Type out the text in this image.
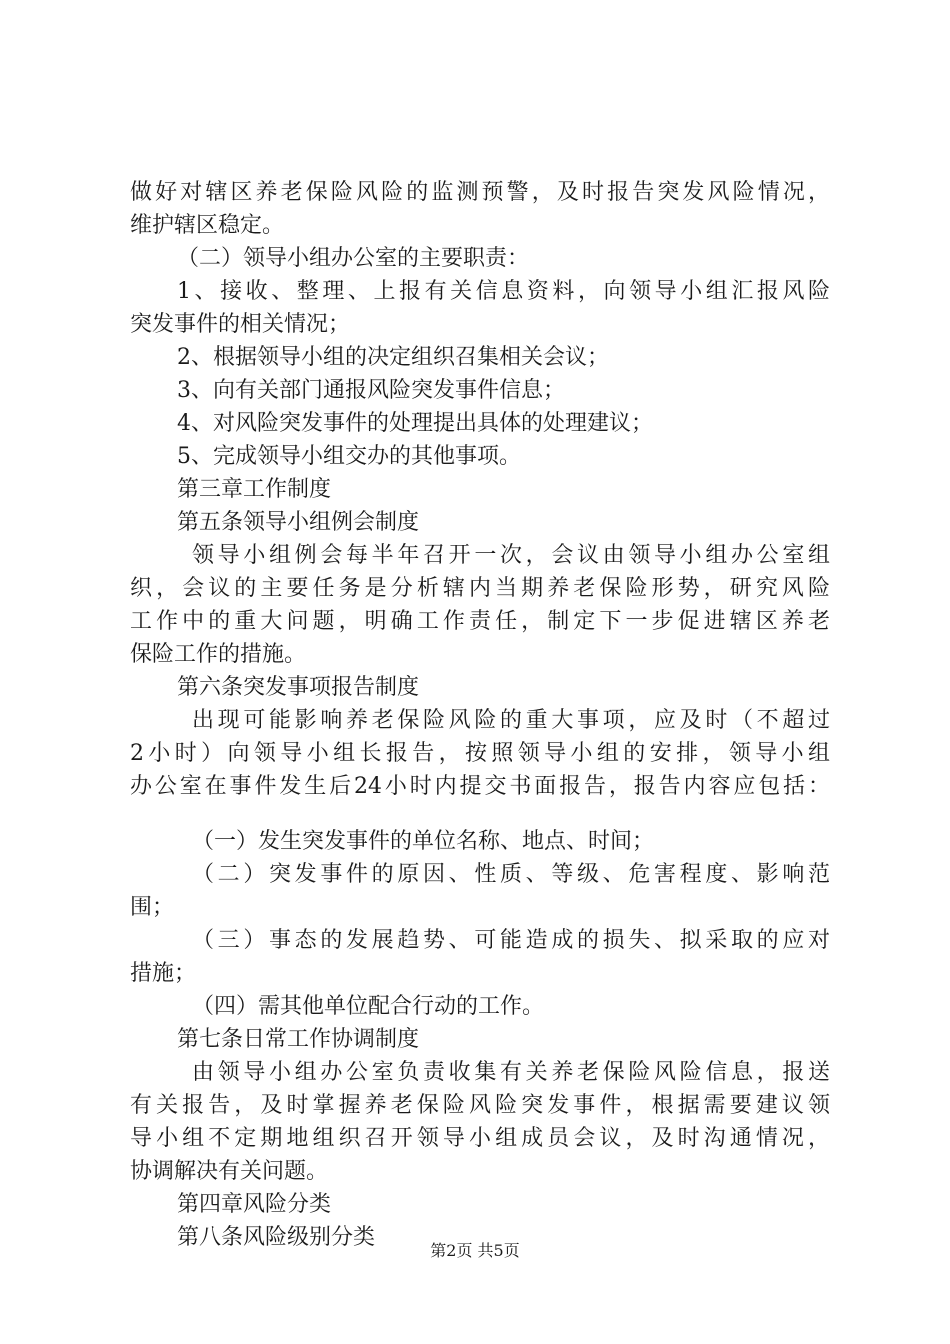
做好对辖区养老保险风险的监测预警，及时报告突发风险情况，
维护辖区稳定。
（二）领导小组办公室的主要职责：
1、接收、整理、上报有关信息资料，向领导小组汇报风险
突发事件的相关情况；
2、根据领导小组的决定组织召集相关会议；
3、向有关部门通报风险突发事件信息；
4、对风险突发事件的处理提出具体的处理建议；
5、完成领导小组交办的其他事项。
第三章工作制度
第五条领导小组例会制度
领导小组例会每半年召开一次，会议由领导小组办公室组
织，会议的主要任务是分析辖内当期养老保险形势，研究风险
工作中的重大问题，明确工作责任，制定下一步促进辖区养老
保险工作的措施。
第六条突发事项报告制度
出现可能影响养老保险风险的重大事项，应及时（不超过
2小时）向领导小组长报告，按照领导小组的安排，领导小组
办公室在事件发生后24小时内提交书面报告，报告内容应包括：
（一）发生突发事件的单位名称、地点、时间；
（二）突发事件的原因、性质、等级、危害程度、影响范
围；
（三）事态的发展趋势、可能造成的损失、拟采取的应对
措施；
（四）需其他单位配合行动的工作。
第七条日常工作协调制度
由领导小组办公室负责收集有关养老保险风险信息，报送
有关报告，及时掌握养老保险风险突发事件，根据需要建议领
导小组不定期地组织召开领导小组成员会议，及时沟通情况，
协调解决有关问题。
第四章风险分类
第八条风险级别分类
第2页 共5页
